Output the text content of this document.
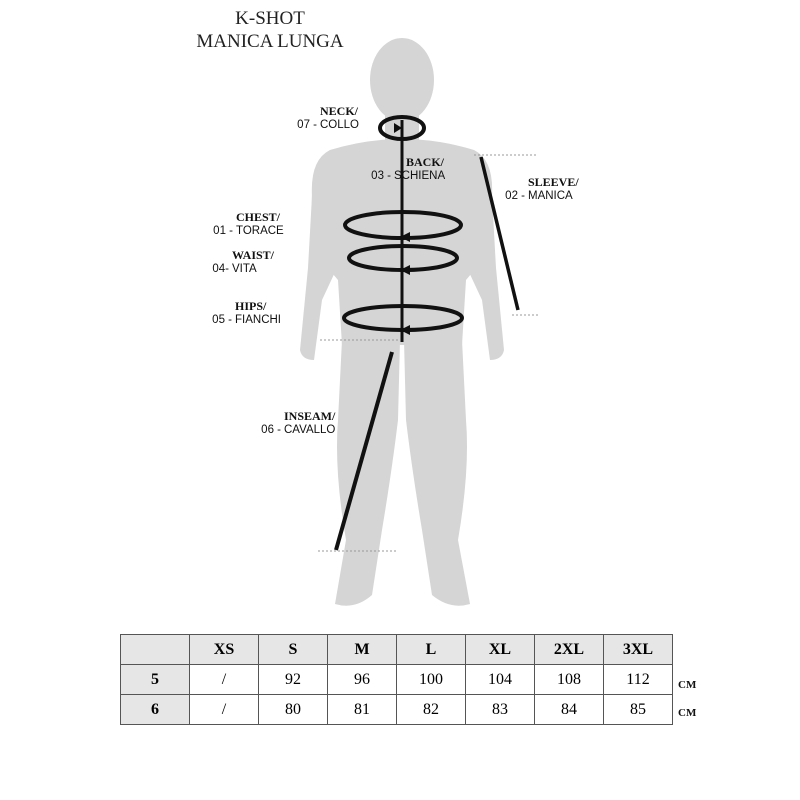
K-SHOT
MANICA LUNGA
07 -
NECK/
COLLO
03 -
BACK/
SCHIENA
02 -
SLEEVE/
MANICA
01 -
CHEST/
TORACE
04-
WAIST/
VITA
05 -
HIPS/
FIANCHI
06 -
INSEAM/
CAVALLO
	XS	S	M	L	XL	2XL	3XL
5	/	92	96	100	104	108	112
6	/	80	81	82	83	84	85
CM
CM
